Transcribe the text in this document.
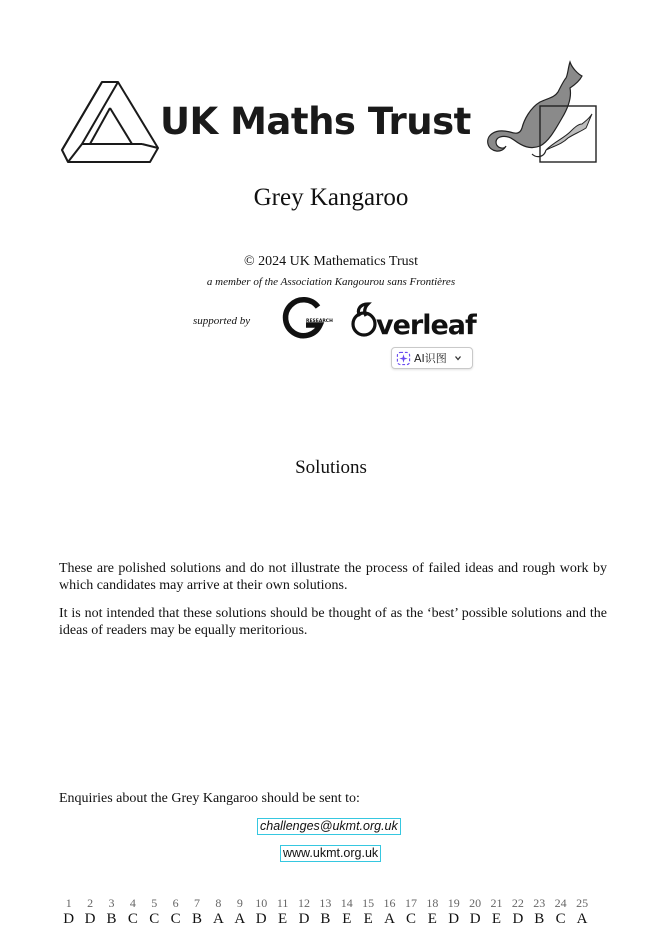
UK Maths Trust
Grey Kangaroo
© 2024 UK Mathematics Trust
a member of the Association Kangourou sans Frontières
supported by	RESEARCH verleaf
AI识图
Solutions

These are polished solutions and do not illustrate the process of failed ideas and rough work by which candidates may arrive at their own solutions.

It is not intended that these solutions should be thought of as the ‘best’ possible solutions and the ideas of readers may be equally meritorious.

Enquiries about the Grey Kangaroo should be sent to:
challenges@ukmt.org.uk
www.ukmt.org.uk
1
D
2
D
3
B
4
C
5
C
6
C
7
B
8
A
9
A
10
D
11
E
12
D
13
B
14
E
15
E
16
A
17
C
18
E
19
D
20
D
21
E
22
D
23
B
24
C
25
A
